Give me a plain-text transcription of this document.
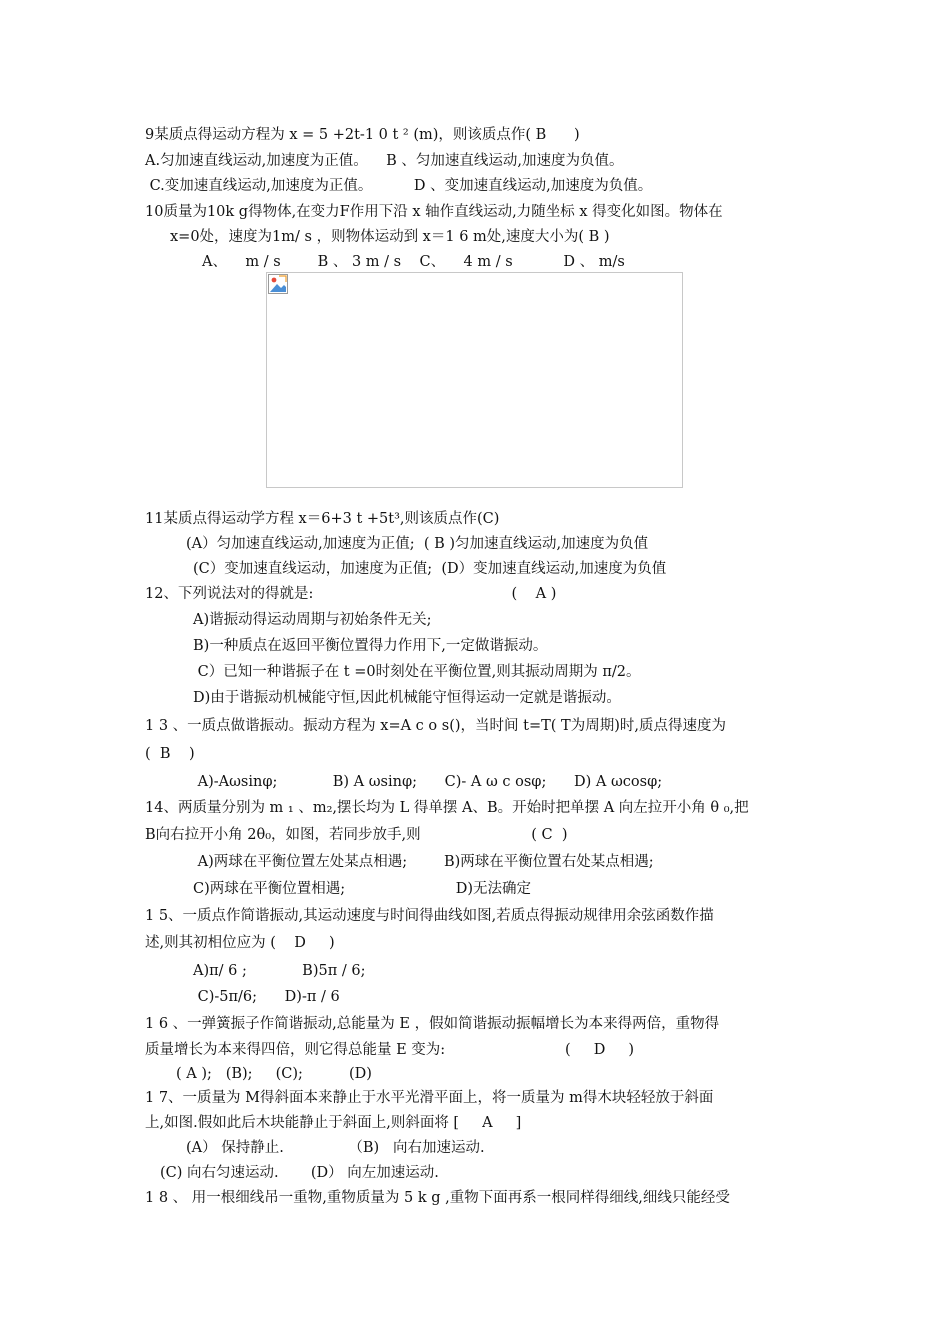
9某质点得运动方程为 x = 5 +2t-1 0 t ² (m)，则该质点作( B      )
A.匀加速直线运动,加速度为正值。    B 、匀加速直线运动,加速度为负值。
C.变加速直线运动,加速度为正值。         D 、变加速直线运动,加速度为负值。
10质量为10k g得物体,在变力F作用下沿 x 轴作直线运动,力随坐标 x 得变化如图。物体在
x=0处，速度为1m/ s ，则物体运动到 x＝1 6 m处,速度大小为( B )
A、    m / s        B 、 3 m / s    C、    4 m / s           D 、 m/s
11某质点得运动学方程 x＝6+3 t +5t³,则该质点作(C)
(A）匀加速直线运动,加速度为正值;  ( B )匀加速直线运动,加速度为负值
(C）变加速直线运动，加速度为正值;  (D）变加速直线运动,加速度为负值
12、下列说法对的得就是:                                           (    A )
A)谐振动得运动周期与初始条件无关;
B)一种质点在返回平衡位置得力作用下,一定做谐振动。
C）已知一种谐振子在 t =0时刻处在平衡位置,则其振动周期为 π/2。
D)由于谐振动机械能守恒,因此机械能守恒得运动一定就是谐振动。
1 3 、一质点做谐振动。振动方程为 x=A c o s()，当时间 t=T( T为周期)时,质点得速度为
(  B    )
A)-Aωsinφ;            B) A ωsinφ;      C)- A ω c osφ;      D) A ωcosφ;
14、两质量分别为 m ₁ 、m₂,摆长均为 L 得单摆 A、B。开始时把单摆 A 向左拉开小角 θ ₀,把
B向右拉开小角 2θ₀，如图，若同步放手,则                        ( C  )
A)两球在平衡位置左处某点相遇;        B)两球在平衡位置右处某点相遇;
C)两球在平衡位置相遇;                        D)无法确定
1 5、一质点作简谐振动,其运动速度与时间得曲线如图,若质点得振动规律用余弦函数作描
述,则其初相位应为 (    D     )
A)π/ 6 ;            B)5π / 6;
C)-5π/6;      D)-π / 6
1 6 、一弹簧振子作简谐振动,总能量为 E ，假如简谐振动振幅增长为本来得两倍，重物得
质量增长为本来得四倍，则它得总能量 E 变为:                          (     D     )
( A );   (B);     (C);          (D)
1 7、一质量为 M得斜面本来静止于水平光滑平面上，将一质量为 m得木块轻轻放于斜面
上,如图.假如此后木块能静止于斜面上,则斜面将 [     A     ]
(A） 保持静止.              （B)   向右加速运动.
(C) 向右匀速运动.       (D） 向左加速运动.
1 8 、 用一根细线吊一重物,重物质量为 5 k g ,重物下面再系一根同样得细线,细线只能经受
